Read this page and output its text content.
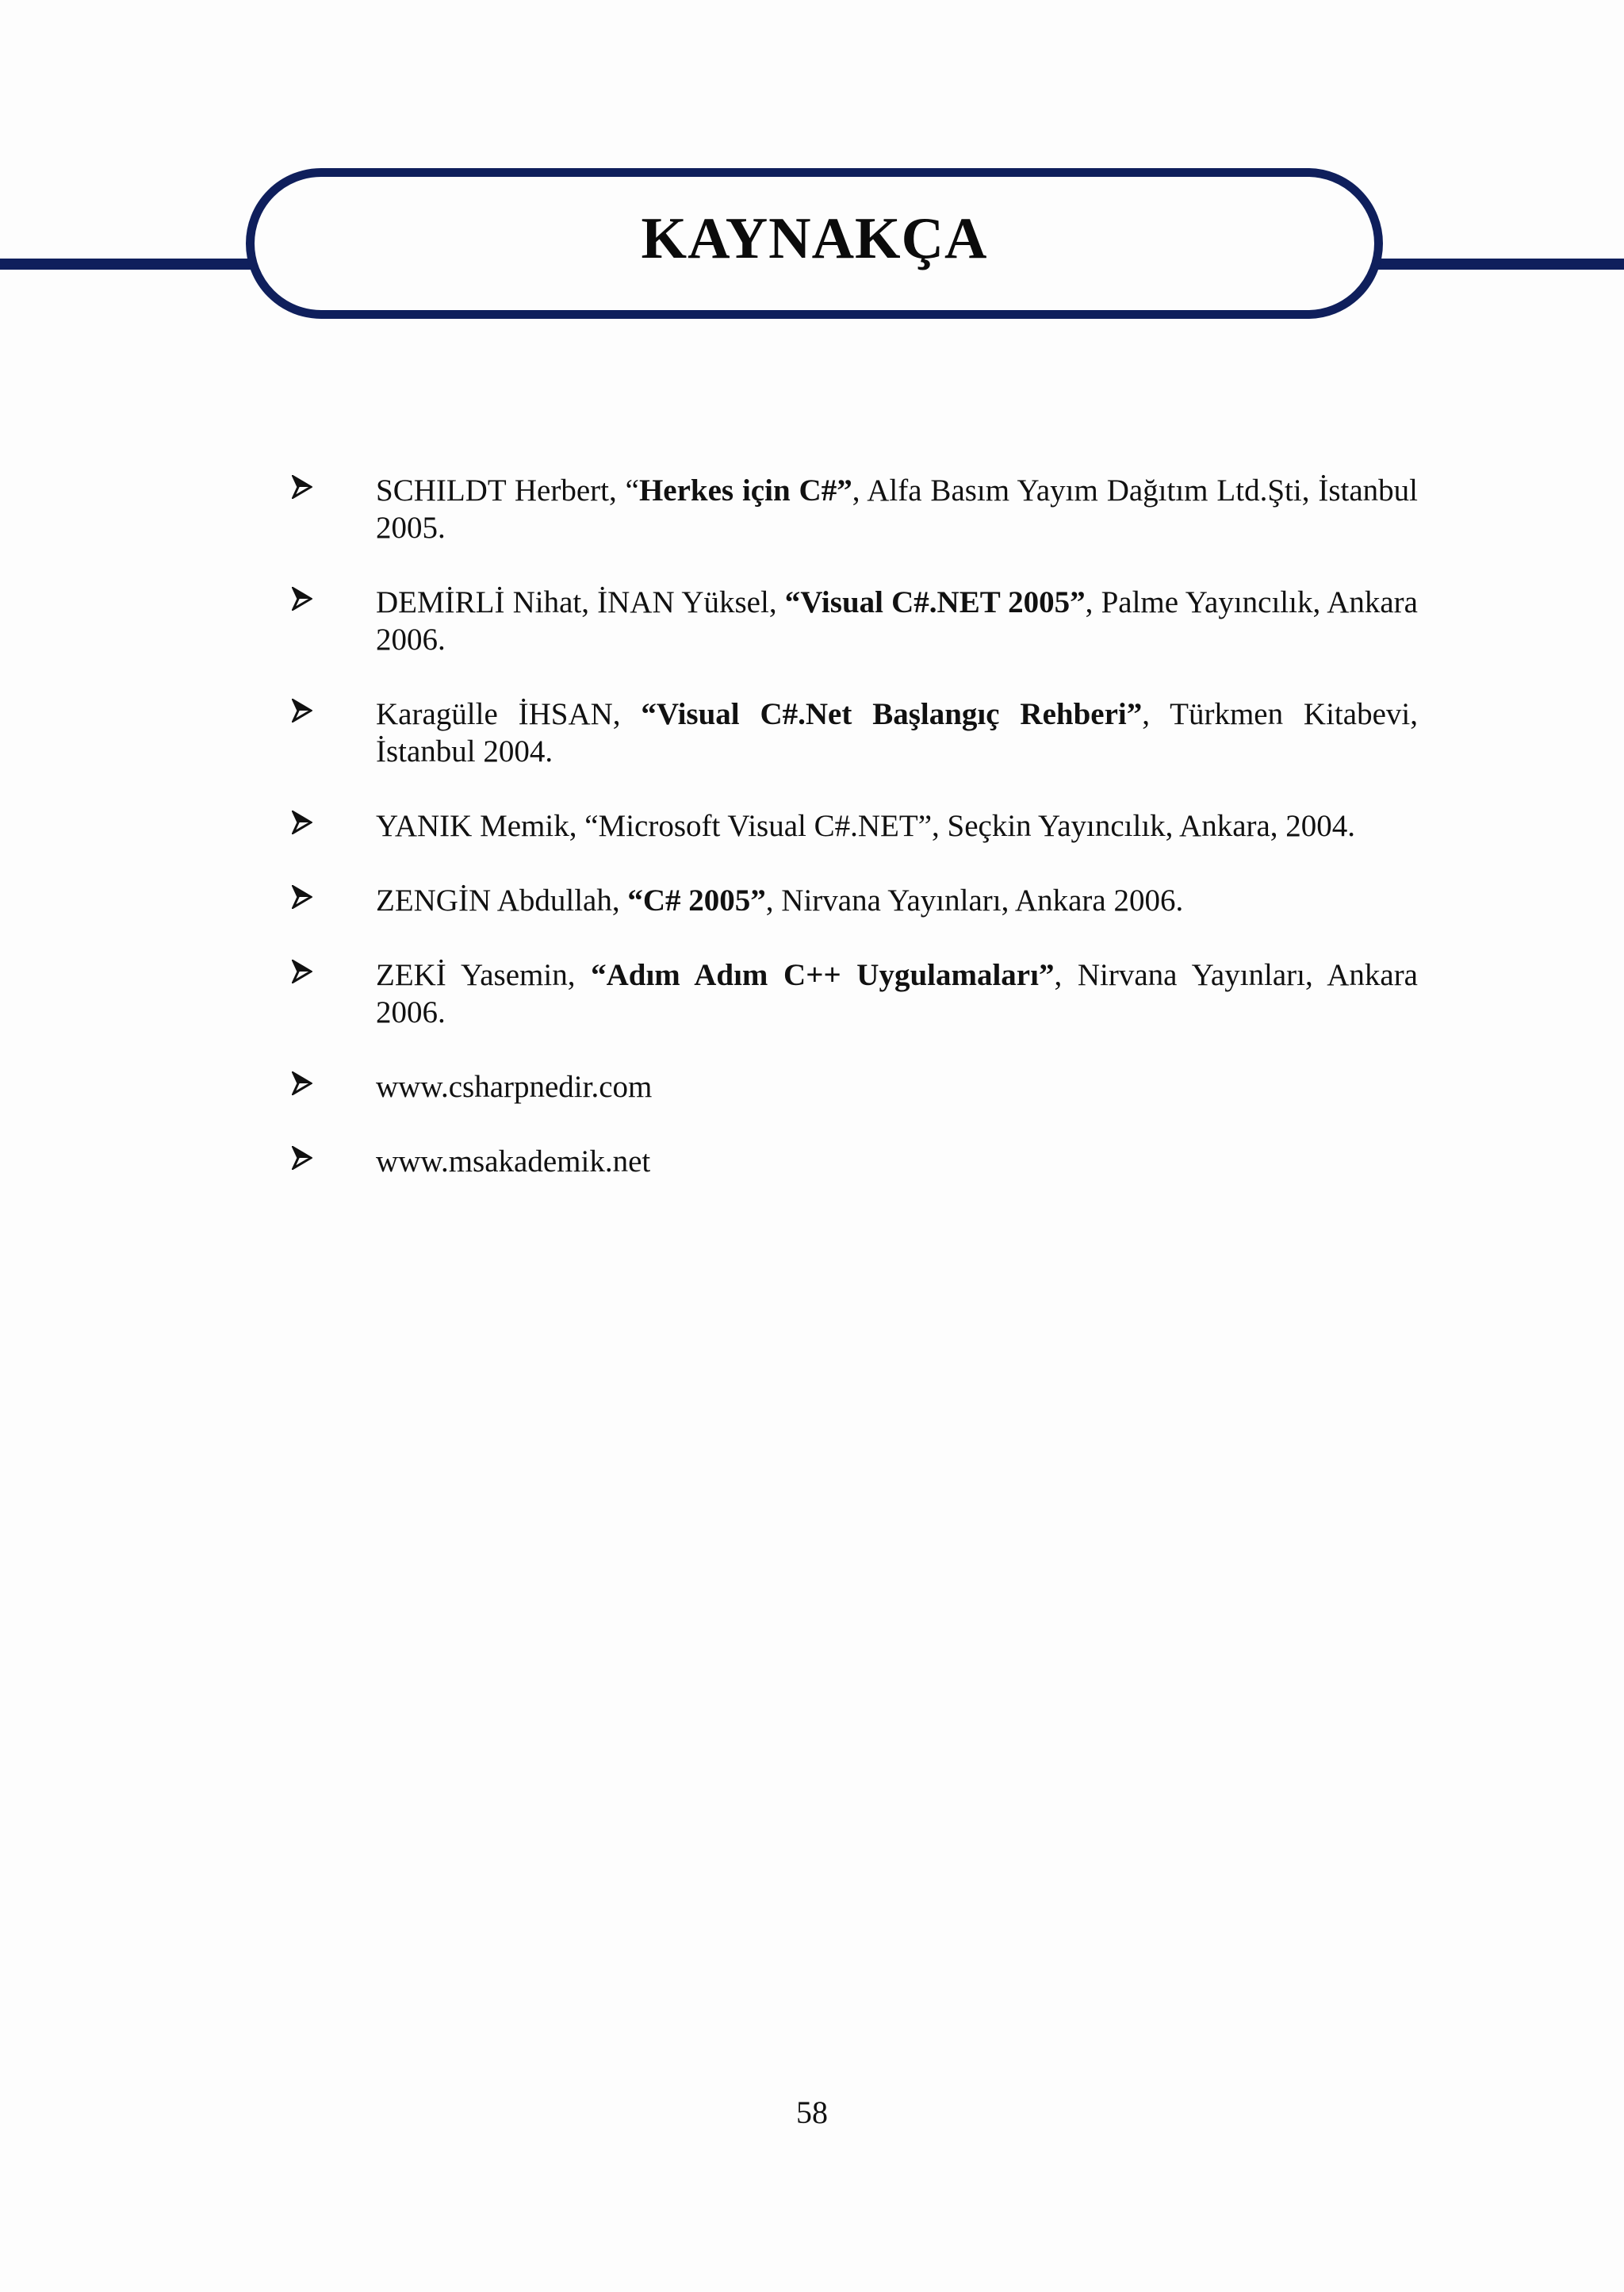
KAYNAKÇA
SCHILDT Herbert, “Herkes için C#”, Alfa Basım Yayım Dağıtım Ltd.Şti, İstanbul 2005.
DEMİRLİ Nihat, İNAN Yüksel, “Visual C#.NET 2005”, Palme Yayıncılık, Ankara 2006.
Karagülle İHSAN, “Visual C#.Net Başlangıç Rehberi”, Türkmen Kitabevi, İstanbul 2004.
YANIK Memik, “Microsoft Visual C#.NET”, Seçkin Yayıncılık, Ankara, 2004.
ZENGİN Abdullah, “C# 2005”, Nirvana Yayınları, Ankara 2006.
ZEKİ Yasemin, “Adım Adım C++ Uygulamaları”, Nirvana Yayınları, Ankara 2006.
www.csharpnedir.com
www.msakademik.net
58
